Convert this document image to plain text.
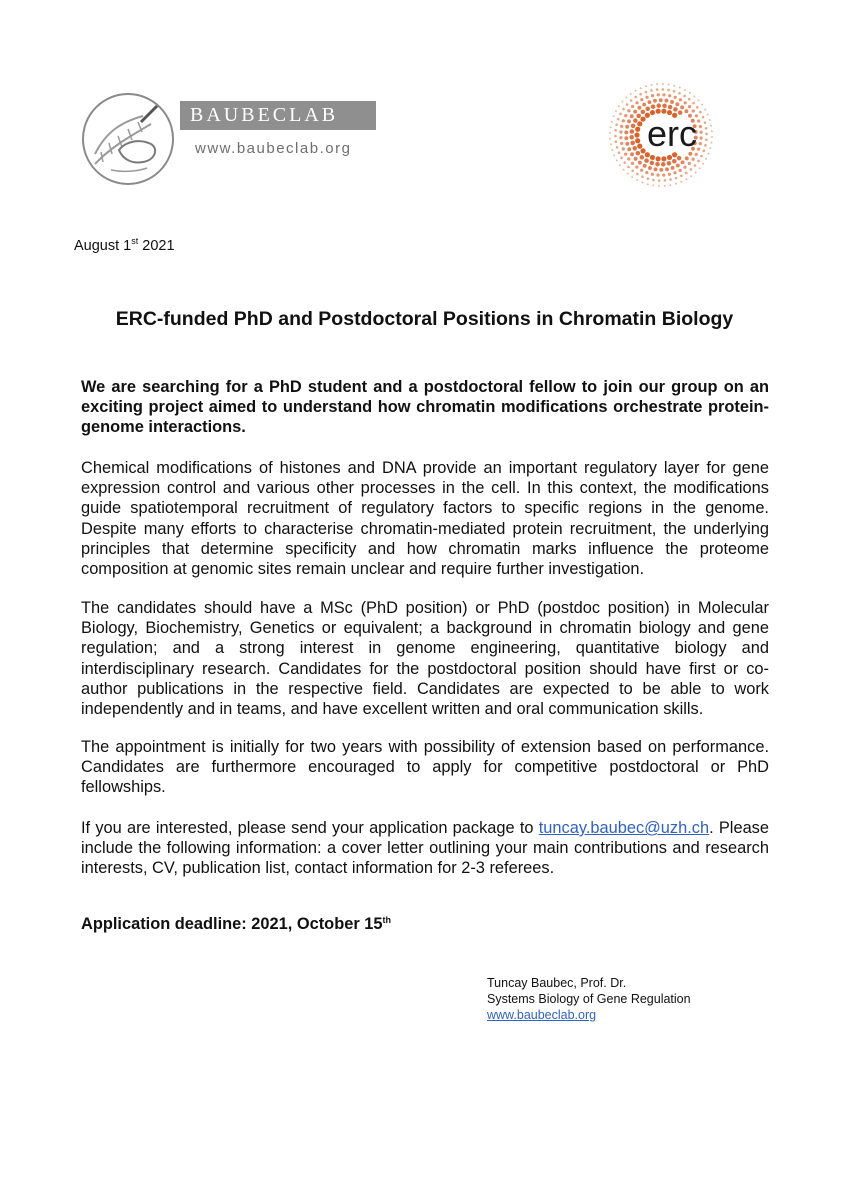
BAUBECLAB
www.baubeclab.org	erc
August 1st 2021
ERC-funded PhD and Postdoctoral Positions in Chromatin Biology
We are searching for a PhD student and a postdoctoral fellow to join our group on an exciting project aimed to understand how chromatin modifications orchestrate protein-genome interactions.
Chemical modifications of histones and DNA provide an important regulatory layer for gene expression control and various other processes in the cell. In this context, the modifications guide spatiotemporal recruitment of regulatory factors to specific regions in the genome. Despite many efforts to characterise chromatin-mediated protein recruitment, the underlying principles that determine specificity and how chromatin marks influence the proteome composition at genomic sites remain unclear and require further investigation.
The candidates should have a MSc (PhD position) or PhD (postdoc position) in Molecular Biology, Biochemistry, Genetics or equivalent; a background in chromatin biology and gene regulation; and a strong interest in genome engineering, quantitative biology and interdisciplinary research. Candidates for the postdoctoral position should have first or co-author publications in the respective field. Candidates are expected to be able to work independently and in teams, and have excellent written and oral communication skills.
The appointment is initially for two years with possibility of extension based on performance. Candidates are furthermore encouraged to apply for competitive postdoctoral or PhD fellowships.
If you are interested, please send your application package to tuncay.baubec@uzh.ch. Please include the following information: a cover letter outlining your main contributions and research interests, CV, publication list, contact information for 2-3 referees.
Application deadline: 2021, October 15th
Tuncay Baubec, Prof. Dr.
Systems Biology of Gene Regulation
www.baubeclab.org
